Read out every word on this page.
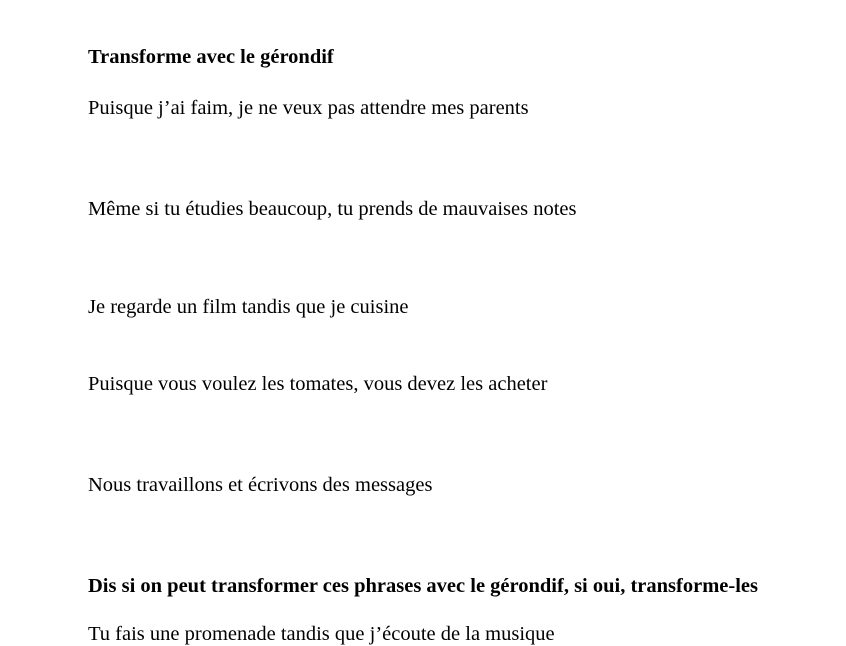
Transforme avec le gérondif

Puisque j’ai faim, je ne veux pas attendre mes parents

Même si tu étudies beaucoup, tu prends de mauvaises notes

Je regarde un film tandis que je cuisine

Puisque vous voulez les tomates, vous devez les acheter

Nous travaillons et écrivons des messages

Dis si on peut transformer ces phrases avec le gérondif, si oui, transforme-les

Tu fais une promenade tandis que j’écoute de la musique
